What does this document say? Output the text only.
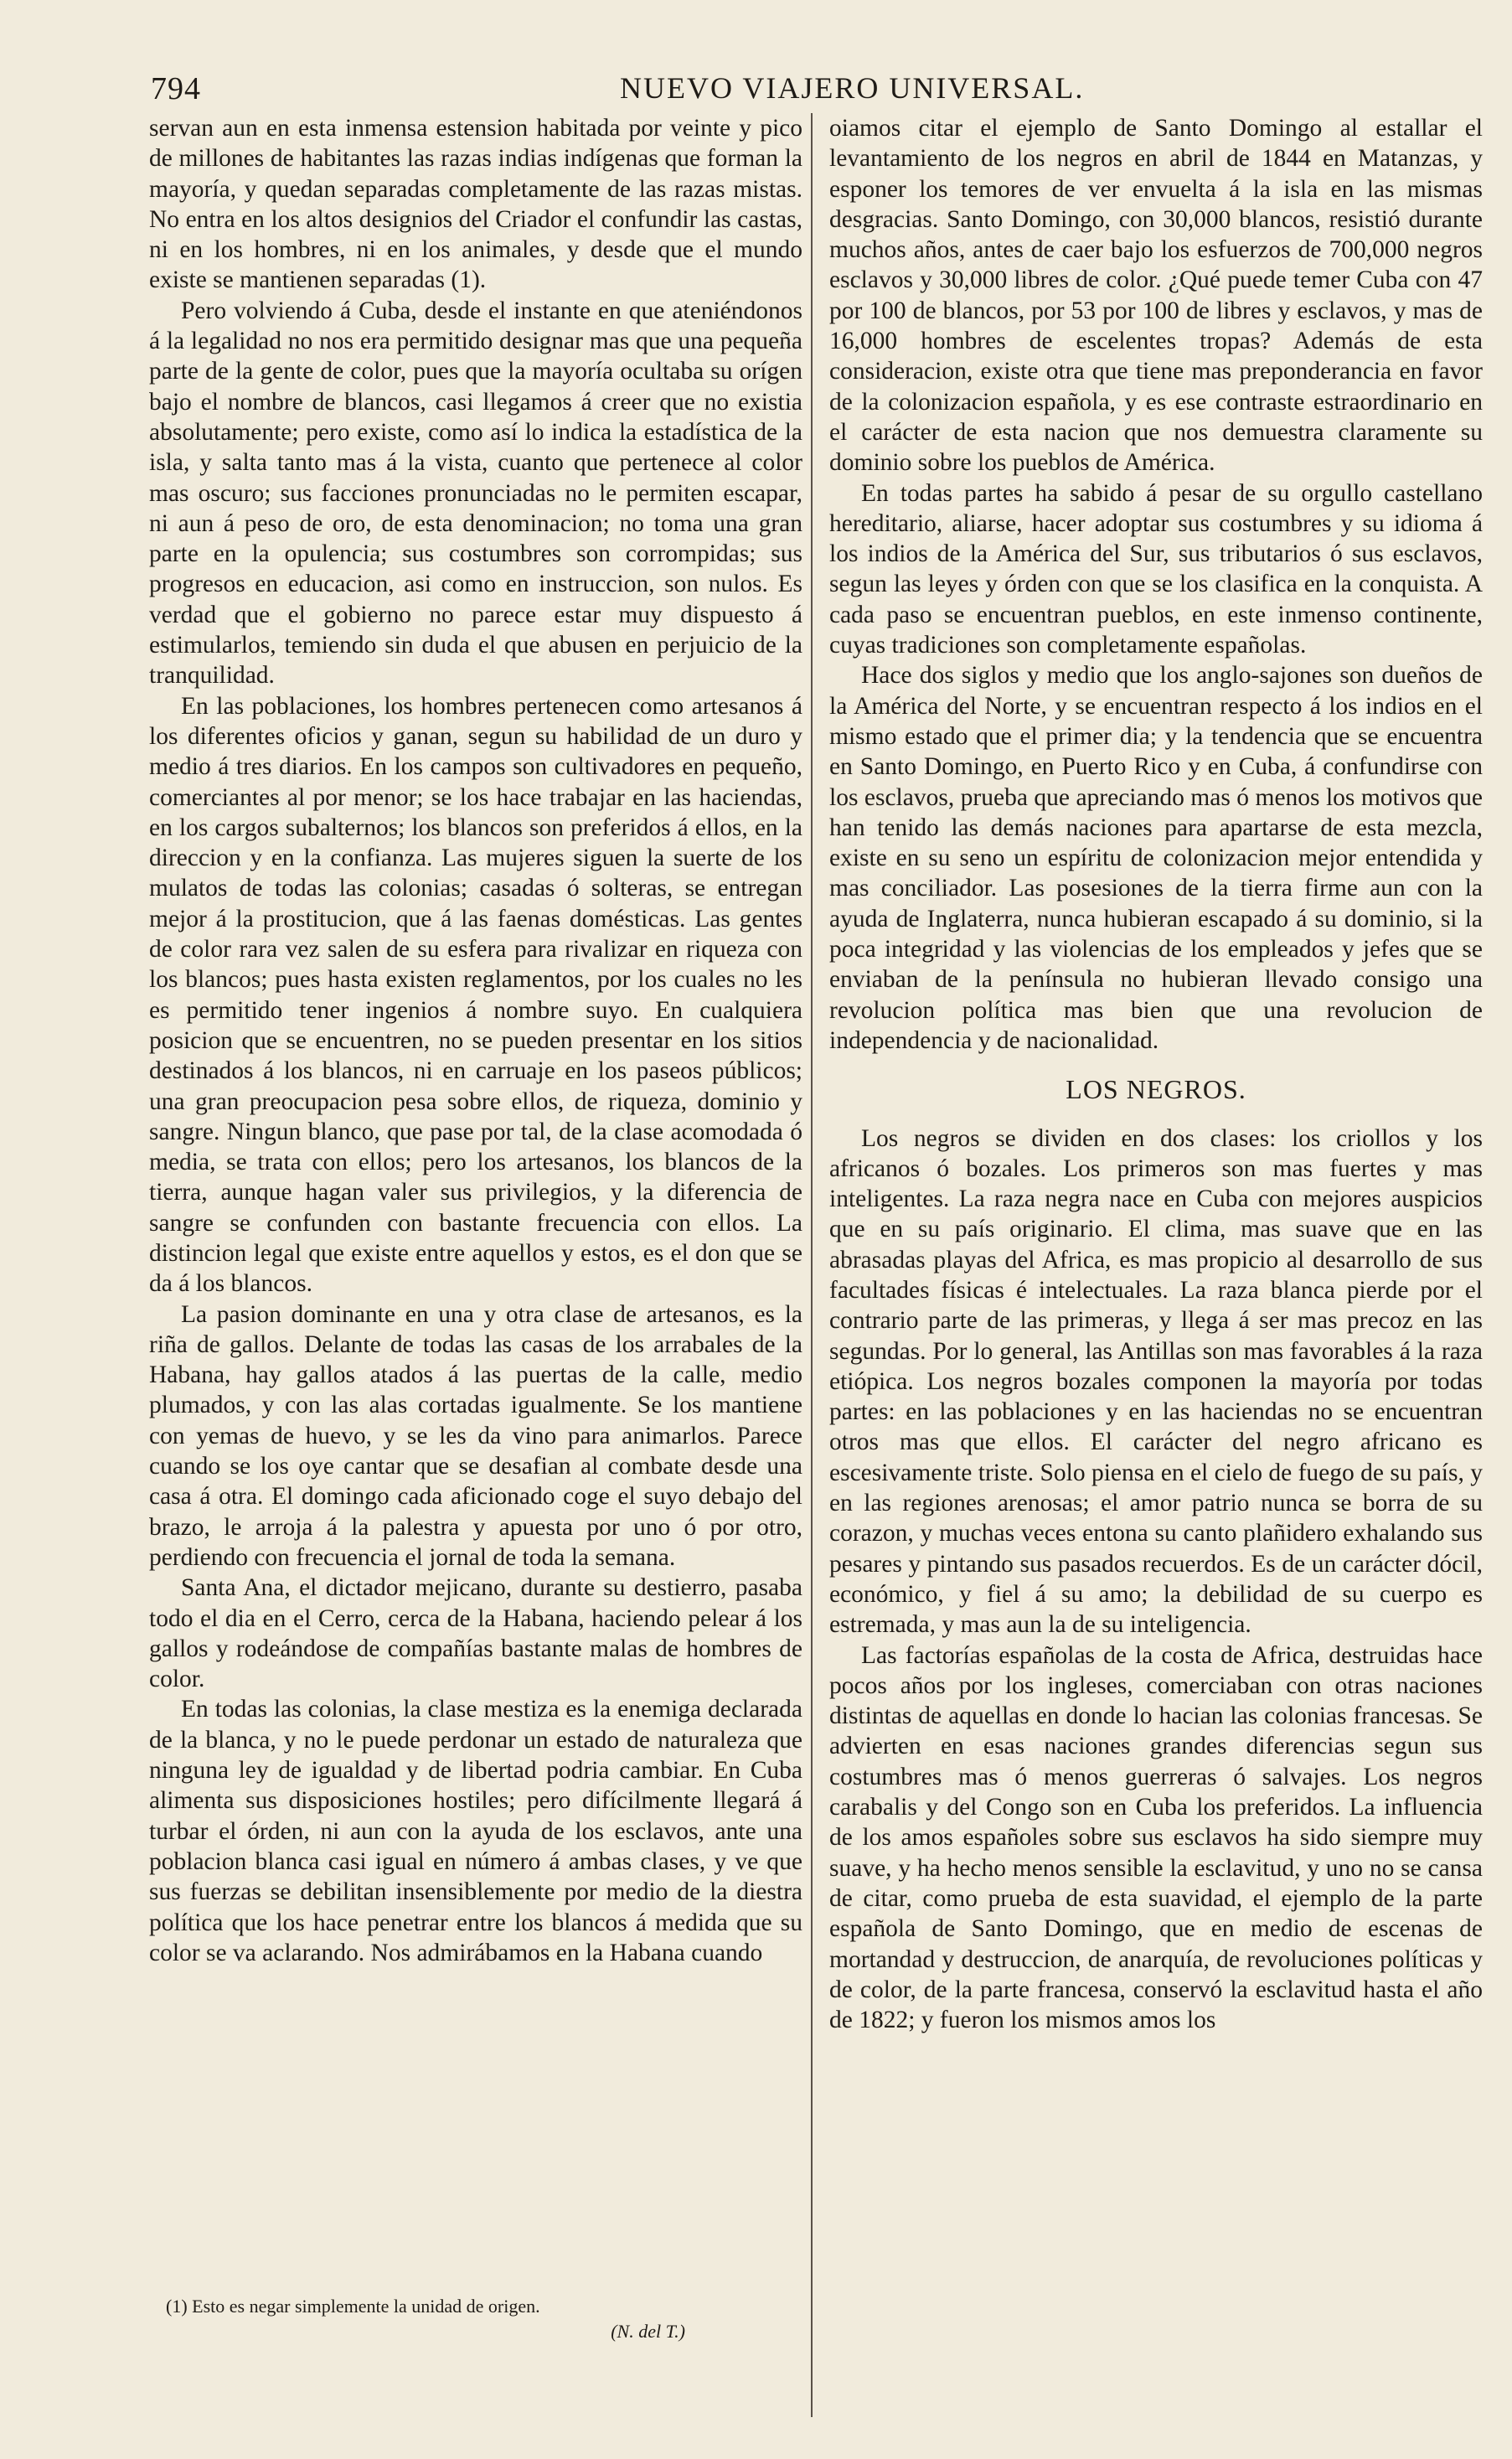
794	NUEVO VIAJERO UNIVERSAL.

servan aun en esta inmensa estension habitada por veinte y pico de millones de habitantes las razas indias indígenas que forman la mayoría, y quedan separadas completamente de las razas mistas. No entra en los altos designios del Criador el confundir las castas, ni en los hombres, ni en los animales, y desde que el mundo existe se mantienen separadas (1).

Pero volviendo á Cuba, desde el instante en que ateniéndonos á la legalidad no nos era permitido designar mas que una pequeña parte de la gente de color, pues que la mayoría ocultaba su orígen bajo el nombre de blancos, casi llegamos á creer que no existia absolutamente; pero existe, como así lo indica la estadística de la isla, y salta tanto mas á la vista, cuanto que pertenece al color mas oscuro; sus facciones pronunciadas no le permiten escapar, ni aun á peso de oro, de esta denominacion; no toma una gran parte en la opulencia; sus costumbres son corrompidas; sus progresos en educacion, asi como en instruccion, son nulos. Es verdad que el gobierno no parece estar muy dispuesto á estimularlos, temiendo sin duda el que abusen en perjuicio de la tranquilidad.

En las poblaciones, los hombres pertenecen como artesanos á los diferentes oficios y ganan, segun su habilidad de un duro y medio á tres diarios. En los campos son cultivadores en pequeño, comerciantes al por menor; se los hace trabajar en las haciendas, en los cargos subalternos; los blancos son preferidos á ellos, en la direccion y en la confianza. Las mujeres siguen la suerte de los mulatos de todas las colonias; casadas ó solteras, se entregan mejor á la prostitucion, que á las faenas domésticas. Las gentes de color rara vez salen de su esfera para rivalizar en riqueza con los blancos; pues hasta existen reglamentos, por los cuales no les es permitido tener ingenios á nombre suyo. En cualquiera posicion que se encuentren, no se pueden presentar en los sitios destinados á los blancos, ni en carruaje en los paseos públicos; una gran preocupacion pesa sobre ellos, de riqueza, dominio y sangre. Ningun blanco, que pase por tal, de la clase acomodada ó media, se trata con ellos; pero los artesanos, los blancos de la tierra, aunque hagan valer sus privilegios, y la diferencia de sangre se confunden con bastante frecuencia con ellos. La distincion legal que existe entre aquellos y estos, es el don que se da á los blancos.

La pasion dominante en una y otra clase de artesanos, es la riña de gallos. Delante de todas las casas de los arrabales de la Habana, hay gallos atados á las puertas de la calle, medio plumados, y con las alas cortadas igualmente. Se los mantiene con yemas de huevo, y se les da vino para animarlos. Parece cuando se los oye cantar que se desafian al combate desde una casa á otra. El domingo cada aficionado coge el suyo debajo del brazo, le arroja á la palestra y apuesta por uno ó por otro, perdiendo con frecuencia el jornal de toda la semana.

Santa Ana, el dictador mejicano, durante su destierro, pasaba todo el dia en el Cerro, cerca de la Habana, haciendo pelear á los gallos y rodeándose de compañías bastante malas de hombres de color.

En todas las colonias, la clase mestiza es la enemiga declarada de la blanca, y no le puede perdonar un estado de naturaleza que ninguna ley de igualdad y de libertad podria cambiar. En Cuba alimenta sus disposiciones hostiles; pero difícilmente llegará á turbar el órden, ni aun con la ayuda de los esclavos, ante una poblacion blanca casi igual en número á ambas clases, y ve que sus fuerzas se debilitan insensiblemente por medio de la diestra política que los hace penetrar entre los blancos á medida que su color se va aclarando. Nos admirábamos en la Habana cuando

oiamos citar el ejemplo de Santo Domingo al estallar el levantamiento de los negros en abril de 1844 en Matanzas, y esponer los temores de ver envuelta á la isla en las mismas desgracias. Santo Domingo, con 30,000 blancos, resistió durante muchos años, antes de caer bajo los esfuerzos de 700,000 negros esclavos y 30,000 libres de color. ¿Qué puede temer Cuba con 47 por 100 de blancos, por 53 por 100 de libres y esclavos, y mas de 16,000 hombres de escelentes tropas? Además de esta consideracion, existe otra que tiene mas preponderancia en favor de la colonizacion española, y es ese contraste estraordinario en el carácter de esta nacion que nos demuestra claramente su dominio sobre los pueblos de América.

En todas partes ha sabido á pesar de su orgullo castellano hereditario, aliarse, hacer adoptar sus costumbres y su idioma á los indios de la América del Sur, sus tributarios ó sus esclavos, segun las leyes y órden con que se los clasifica en la conquista. A cada paso se encuentran pueblos, en este inmenso continente, cuyas tradiciones son completamente españolas.

Hace dos siglos y medio que los anglo-sajones son dueños de la América del Norte, y se encuentran respecto á los indios en el mismo estado que el primer dia; y la tendencia que se encuentra en Santo Domingo, en Puerto Rico y en Cuba, á confundirse con los esclavos, prueba que apreciando mas ó menos los motivos que han tenido las demás naciones para apartarse de esta mezcla, existe en su seno un espíritu de colonizacion mejor entendida y mas conciliador. Las posesiones de la tierra firme aun con la ayuda de Inglaterra, nunca hubieran escapado á su dominio, si la poca integridad y las violencias de los empleados y jefes que se enviaban de la península no hubieran llevado consigo una revolucion política mas bien que una revolucion de independencia y de nacionalidad.

LOS NEGROS.

Los negros se dividen en dos clases: los criollos y los africanos ó bozales. Los primeros son mas fuertes y mas inteligentes. La raza negra nace en Cuba con mejores auspicios que en su país originario. El clima, mas suave que en las abrasadas playas del Africa, es mas propicio al desarrollo de sus facultades físicas é intelectuales. La raza blanca pierde por el contrario parte de las primeras, y llega á ser mas precoz en las segundas. Por lo general, las Antillas son mas favorables á la raza etiópica. Los negros bozales componen la mayoría por todas partes: en las poblaciones y en las haciendas no se encuentran otros mas que ellos. El carácter del negro africano es escesivamente triste. Solo piensa en el cielo de fuego de su país, y en las regiones arenosas; el amor patrio nunca se borra de su corazon, y muchas veces entona su canto plañidero exhalando sus pesares y pintando sus pasados recuerdos. Es de un carácter dócil, económico, y fiel á su amo; la debilidad de su cuerpo es estremada, y mas aun la de su inteligencia.

Las factorías españolas de la costa de Africa, destruidas hace pocos años por los ingleses, comerciaban con otras naciones distintas de aquellas en donde lo hacian las colonias francesas. Se advierten en esas naciones grandes diferencias segun sus costumbres mas ó menos guerreras ó salvajes. Los negros carabalis y del Congo son en Cuba los preferidos. La influencia de los amos españoles sobre sus esclavos ha sido siempre muy suave, y ha hecho menos sensible la esclavitud, y uno no se cansa de citar, como prueba de esta suavidad, el ejemplo de la parte española de Santo Domingo, que en medio de escenas de mortandad y destruccion, de anarquía, de revoluciones políticas y de color, de la parte francesa, conservó la esclavitud hasta el año de 1822; y fueron los mismos amos los

(1) Esto es negar simplemente la unidad de origen.
(N. del T.)
